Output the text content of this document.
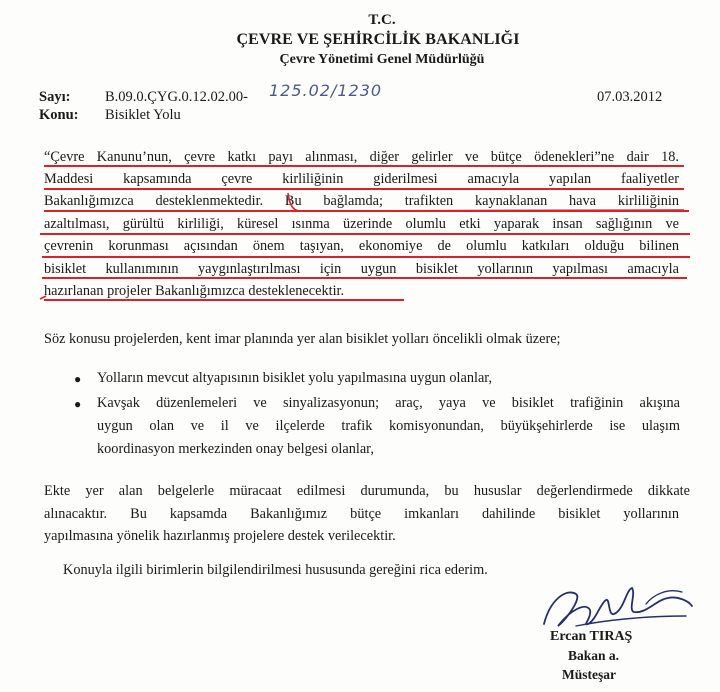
T.C.
ÇEVRE VE ŞEHİRCİLİK BAKANLIĞI
Çevre Yönetimi Genel Müdürlüğü
Sayı: B.09.0.ÇYG.0.12.02.00- 125.02/1230	07.03.2012
Konu: Bisiklet Yolu
“Çevre Kanunu’nun, çevre katkı payı alınması, diğer gelirler ve bütçe ödenekleri”ne dair 18.
Maddesi kapsamında çevre kirliliğinin giderilmesi amacıyla yapılan faaliyetler
Bakanlığımızca desteklenmektedir. Bu bağlamda; trafikten kaynaklanan hava kirliliğinin
azaltılması, gürültü kirliliği, küresel ısınma üzerinde olumlu etki yaparak insan sağlığının ve
çevrenin korunması açısından önem taşıyan, ekonomiye de olumlu katkıları olduğu bilinen
bisiklet kullanımının yaygınlaştırılması için uygun bisiklet yollarının yapılması amacıyla
hazırlanan projeler Bakanlığımızca desteklenecektir.
Söz konusu projelerden, kent imar planında yer alan bisiklet yolları öncelikli olmak üzere;
● Yolların mevcut altyapısının bisiklet yolu yapılmasına uygun olanlar,
● Kavşak düzenlemeleri ve sinyalizasyonun; araç, yaya ve bisiklet trafiğinin akışına
uygun olan ve il ve ilçelerde trafik komisyonundan, büyükşehirlerde ise ulaşım
koordinasyon merkezinden onay belgesi olanlar,
Ekte yer alan belgelerle müracaat edilmesi durumunda, bu hususlar değerlendirmede dikkate
alınacaktır. Bu kapsamda Bakanlığımız bütçe imkanları dahilinde bisiklet yollarının
yapılmasına yönelik hazırlanmış projelere destek verilecektir.
Konuyla ilgili birimlerin bilgilendirilmesi hususunda gereğini rica ederim.
Ercan TIRAŞ
Bakan a.
Müsteşar
